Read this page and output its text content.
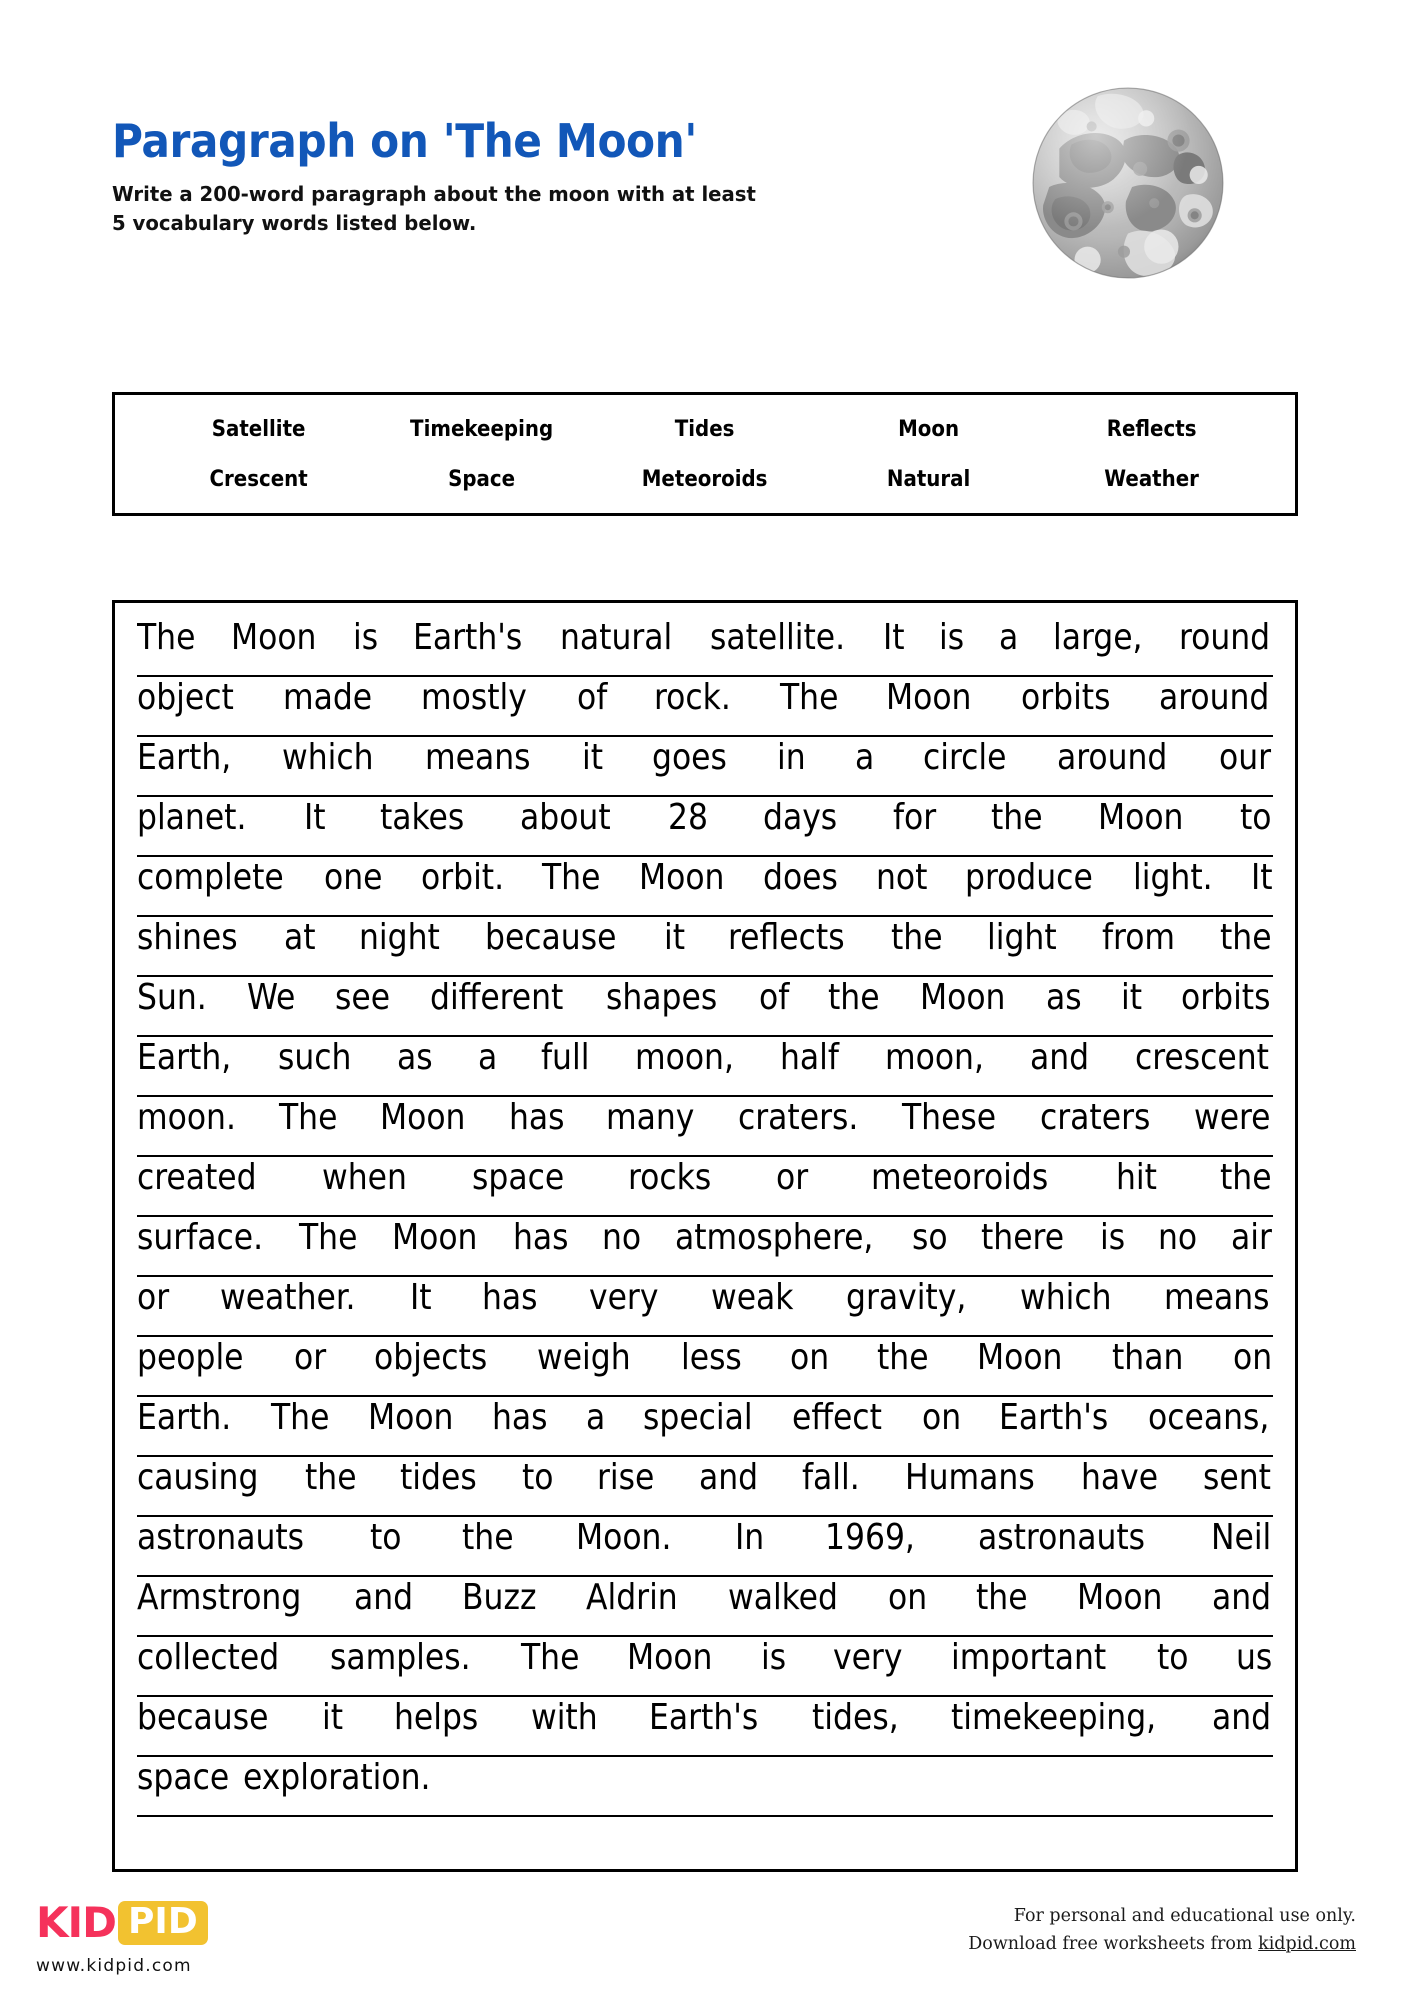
Paragraph on 'The Moon'

Write a 200-word paragraph about the moon with at least 5 vocabulary words listed below.

Satellite	Timekeeping	Tides	Moon	Reflects
Crescent	Space	Meteoroids	Natural	Weather
The Moon is Earth's natural satellite. It is a large, round
object made mostly of rock. The Moon orbits around
Earth, which means it goes in a circle around our
planet. It takes about 28 days for the Moon to
complete one orbit. The Moon does not produce light. It
shines at night because it reflects the light from the
Sun. We see different shapes of the Moon as it orbits
Earth, such as a full moon, half moon, and crescent
moon. The Moon has many craters. These craters were
created when space rocks or meteoroids hit the
surface. The Moon has no atmosphere, so there is no air
or weather. It has very weak gravity, which means
people or objects weigh less on the Moon than on
Earth. The Moon has a special effect on Earth's oceans,
causing the tides to rise and fall. Humans have sent
astronauts to the Moon. In 1969, astronauts Neil
Armstrong and Buzz Aldrin walked on the Moon and
collected samples. The Moon is very important to us
because it helps with Earth's tides, timekeeping, and
space exploration.
KID PID
www.kidpid.com
For personal and educational use only.
Download free worksheets from kidpid.com
